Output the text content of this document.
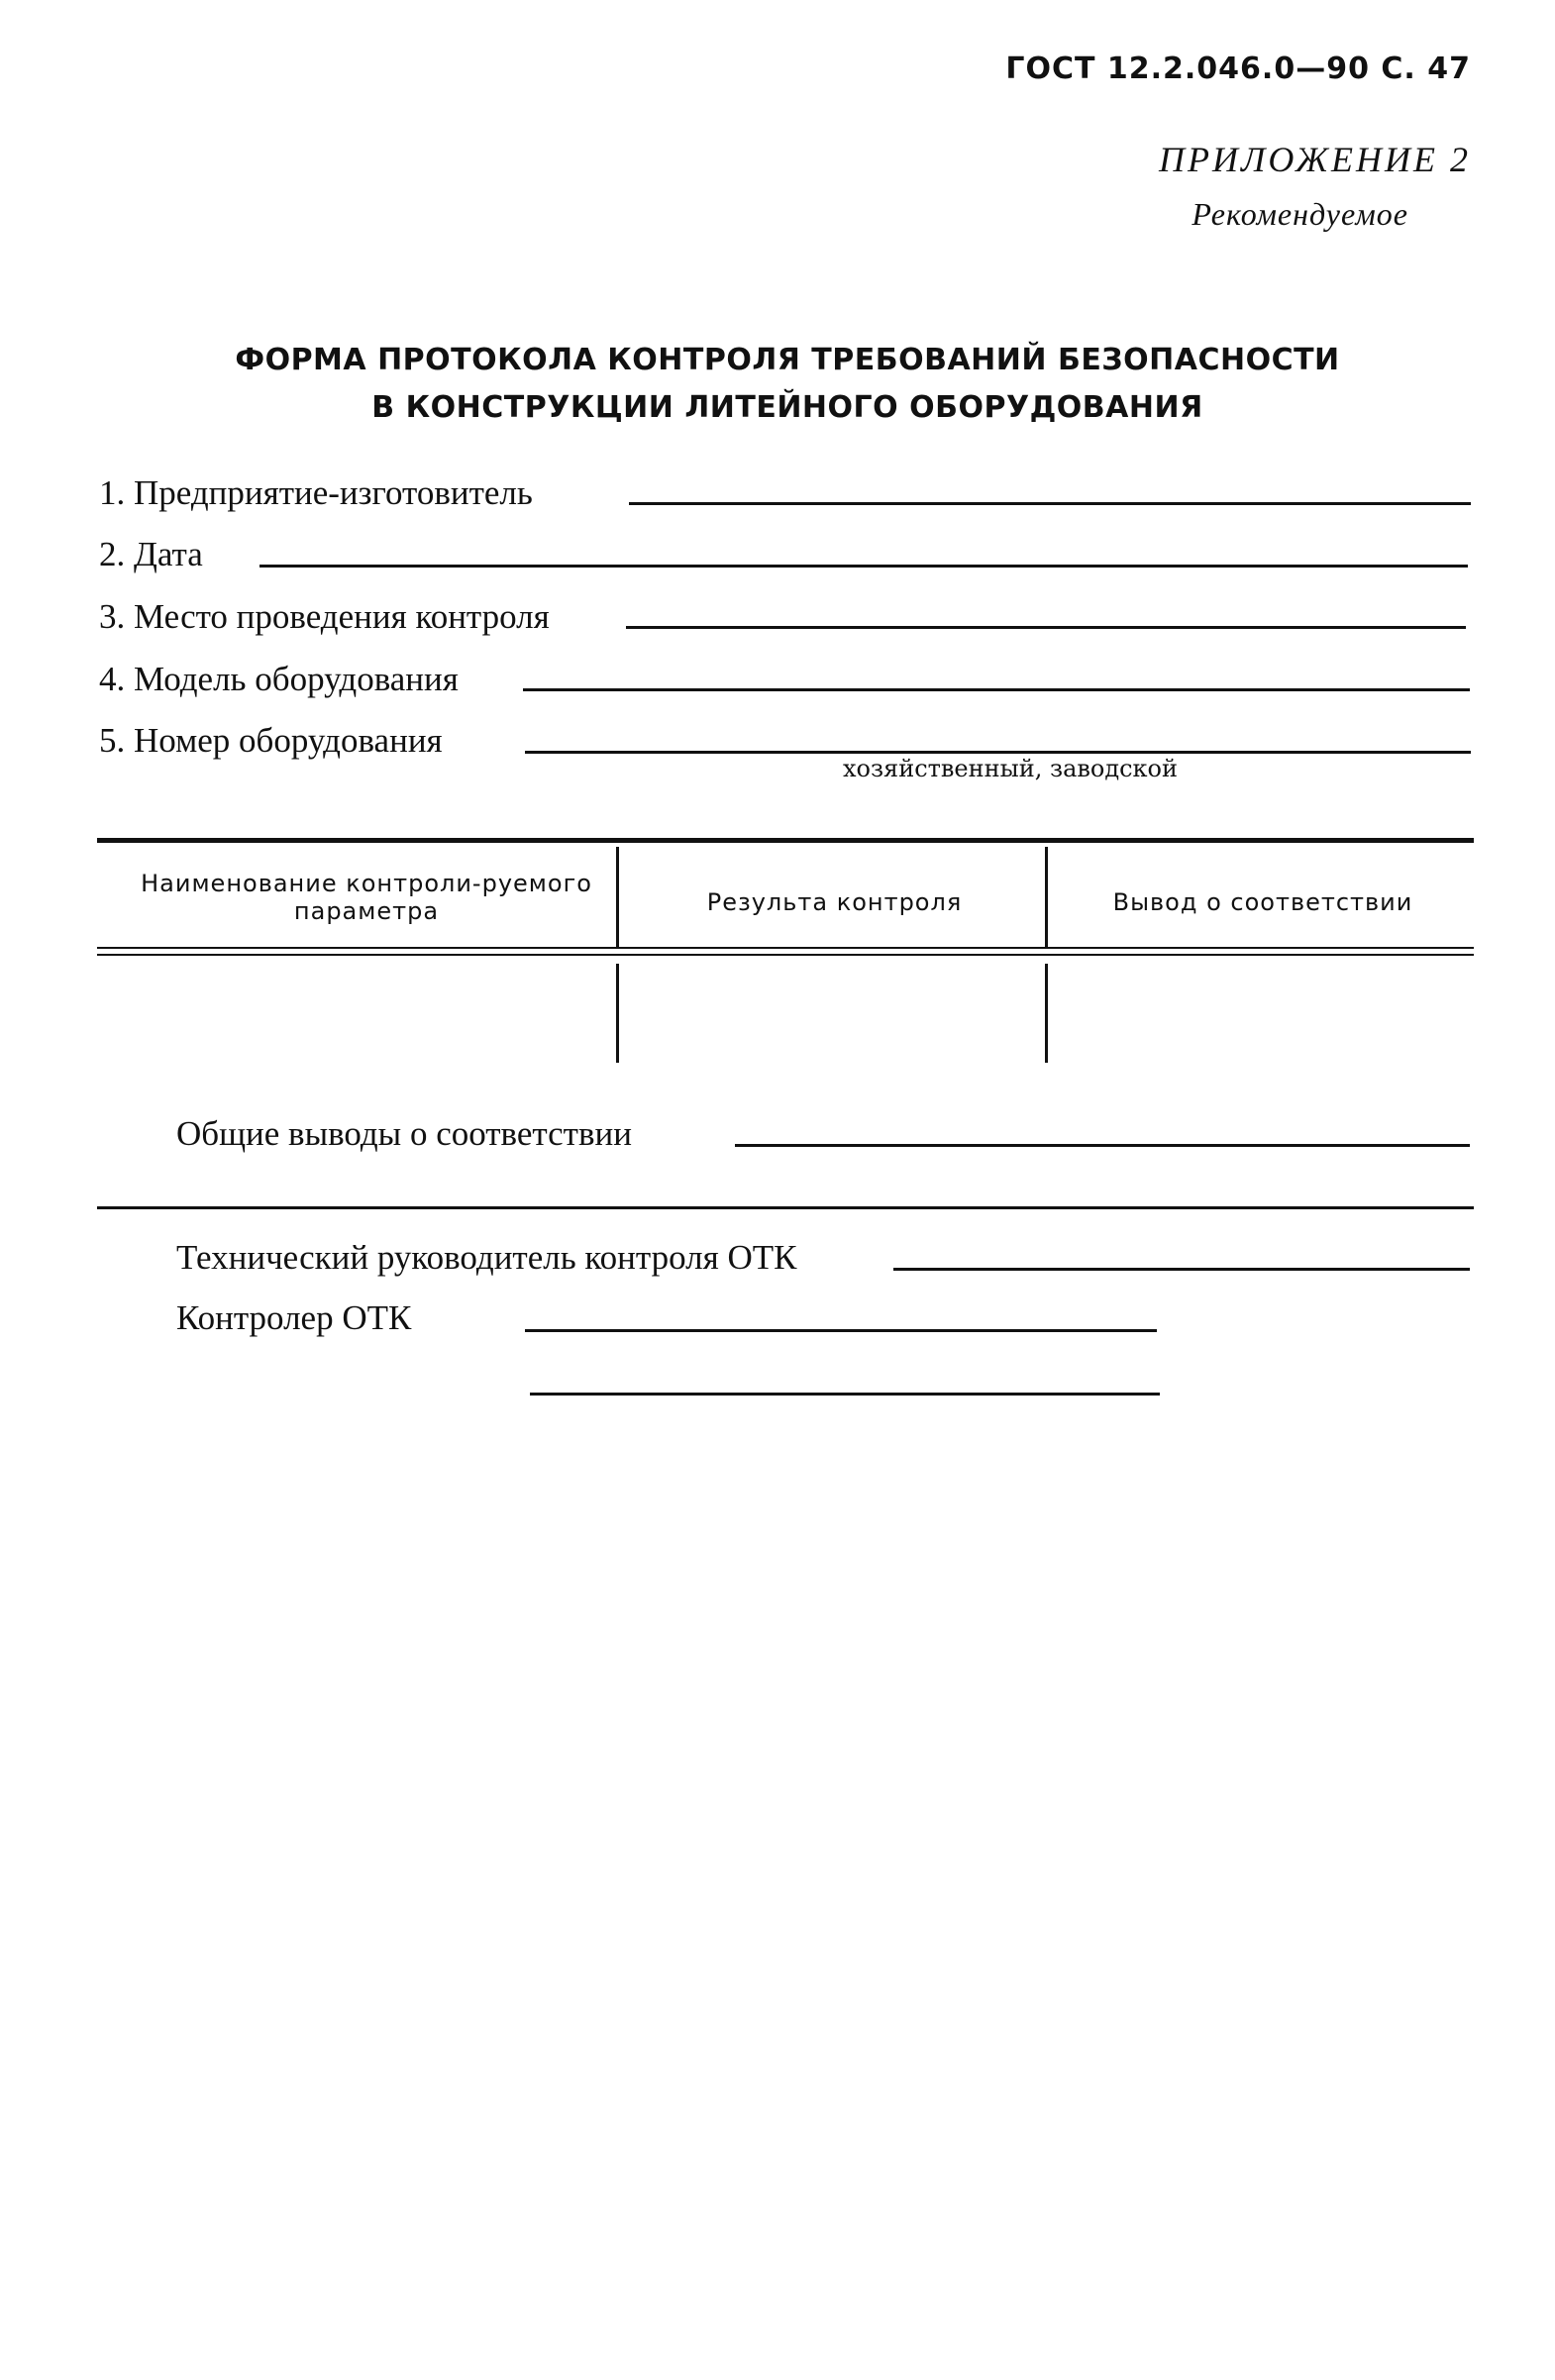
ГОСТ 12.2.046.0—90 С. 47
ПРИЛОЖЕНИЕ 2
Рекомендуемое
ФОРМА ПРОТОКОЛА КОНТРОЛЯ ТРЕБОВАНИЙ БЕЗОПАСНОСТИ
В КОНСТРУКЦИИ ЛИТЕЙНОГО ОБОРУДОВАНИЯ
1. Предприятие-изготовитель
2. Дата
3. Место проведения контроля
4. Модель оборудования
5. Номер оборудования
хозяйственный, заводской
Наименование контроли-руемого параметра	Результа контроля	Вывод о соответствии
Общие выводы о соответствии
Технический руководитель контроля ОТК
Контролер ОТК
